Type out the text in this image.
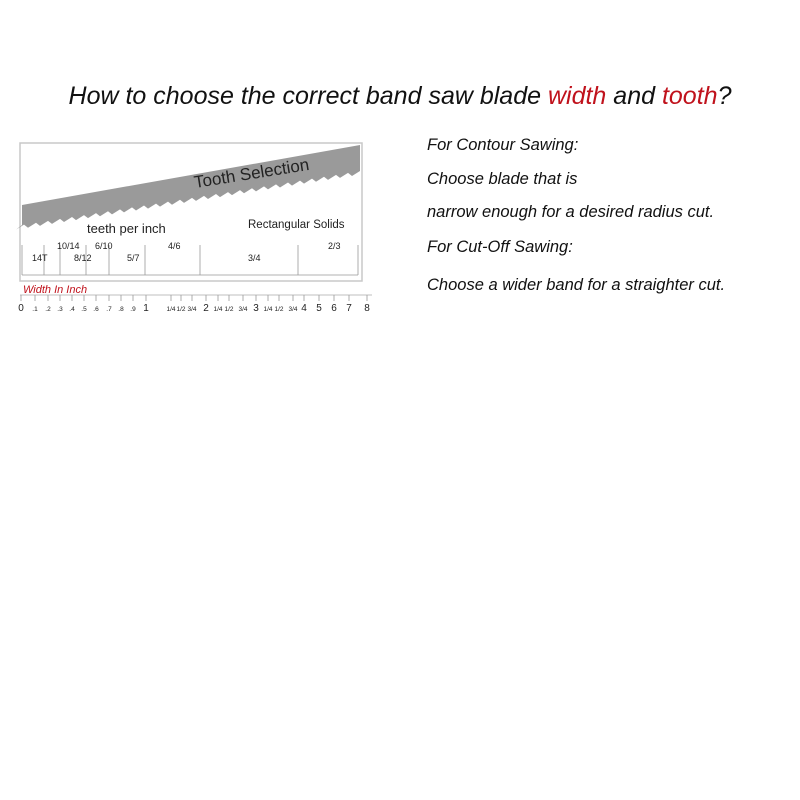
How to choose the correct band saw blade width and tooth?
For Contour Sawing:
Choose blade that is
narrow enough for a desired radius cut.
For Cut-Off Sawing:
Choose a wider band for a straighter cut.
Tooth Selection
teeth per inch	Rectangular Solids
14T
10/14
8/12
6/10
5/7
4/6
3/4
2/3
Width In Inch
0 .1 .2 .3 .4 .5 .6 .7 .8 .9 1	1/4 1/2 3/4 2 1/4 1/2 3/4 3 1/4 1/2 3/4 4 5 6 7 8
